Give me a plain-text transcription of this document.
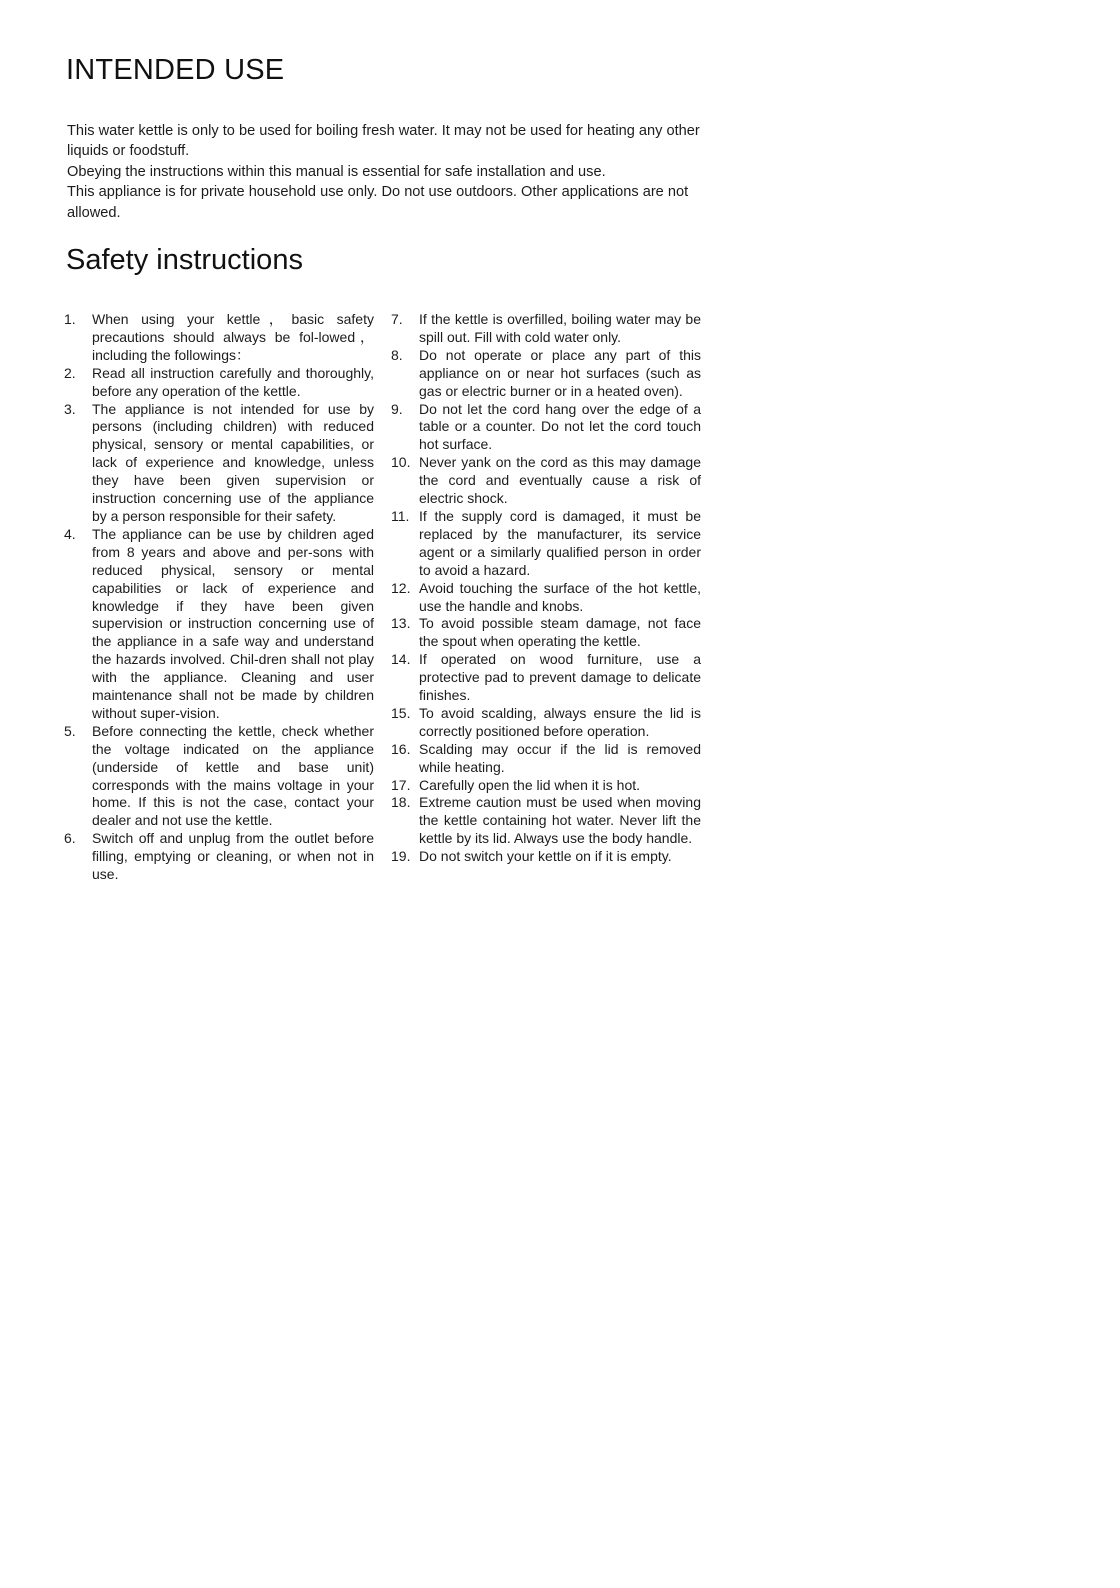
INTENDED USE

This water kettle is only to be used for boiling fresh water. It may not be used for heating any other liquids or foodstuff.

Obeying the instructions within this manual is essential for safe installation and use.

This appliance is for private household use only. Do not use outdoors. Other applications are not allowed.

Safety instructions
1. When using your kettle，basic safety precautions should always be fol-lowed，including the followings：
2. Read all instruction carefully and thoroughly, before any operation of the kettle.
3. The appliance is not intended for use by persons (including children) with reduced physical, sensory or mental capabilities, or lack of experience and knowledge, unless they have been given supervision or instruction concerning use of the appliance by a person responsible for their safety.
4. The appliance can be use by children aged from 8 years and above and per-sons with reduced physical, sensory or mental capabilities or lack of experience and knowledge if they have been given supervision or instruction concerning use of the appliance in a safe way and understand the hazards involved. Chil-dren shall not play with the appliance. Cleaning and user maintenance shall not be made by children without super-vision.
5. Before connecting the kettle, check whether the voltage indicated on the appliance (underside of kettle and base unit) corresponds with the mains voltage in your home. If this is not the case, contact your dealer and not use the kettle.
6. Switch off and unplug from the outlet before filling, emptying or cleaning, or when not in use.
7. If the kettle is overfilled, boiling water may be spill out. Fill with cold water only.
8. Do not operate or place any part of this appliance on or near hot surfaces (such as gas or electric burner or in a heated oven).
9. Do not let the cord hang over the edge of a table or a counter. Do not let the cord touch hot surface.
10. Never yank on the cord as this may damage the cord and eventually cause a risk of electric shock.
11. If the supply cord is damaged, it must be replaced by the manufacturer, its service agent or a similarly qualified person in order to avoid a hazard.
12. Avoid touching the surface of the hot kettle, use the handle and knobs.
13. To avoid possible steam damage, not face the spout when operating the kettle.
14. If operated on wood furniture, use a protective pad to prevent damage to delicate finishes.
15. To avoid scalding, always ensure the lid is correctly positioned before operation.
16. Scalding may occur if the lid is removed while heating.
17. Carefully open the lid when it is hot.
18. Extreme caution must be used when moving the kettle containing hot water. Never lift the kettle by its lid. Always use the body handle.
19. Do not switch your kettle on if it is empty.
